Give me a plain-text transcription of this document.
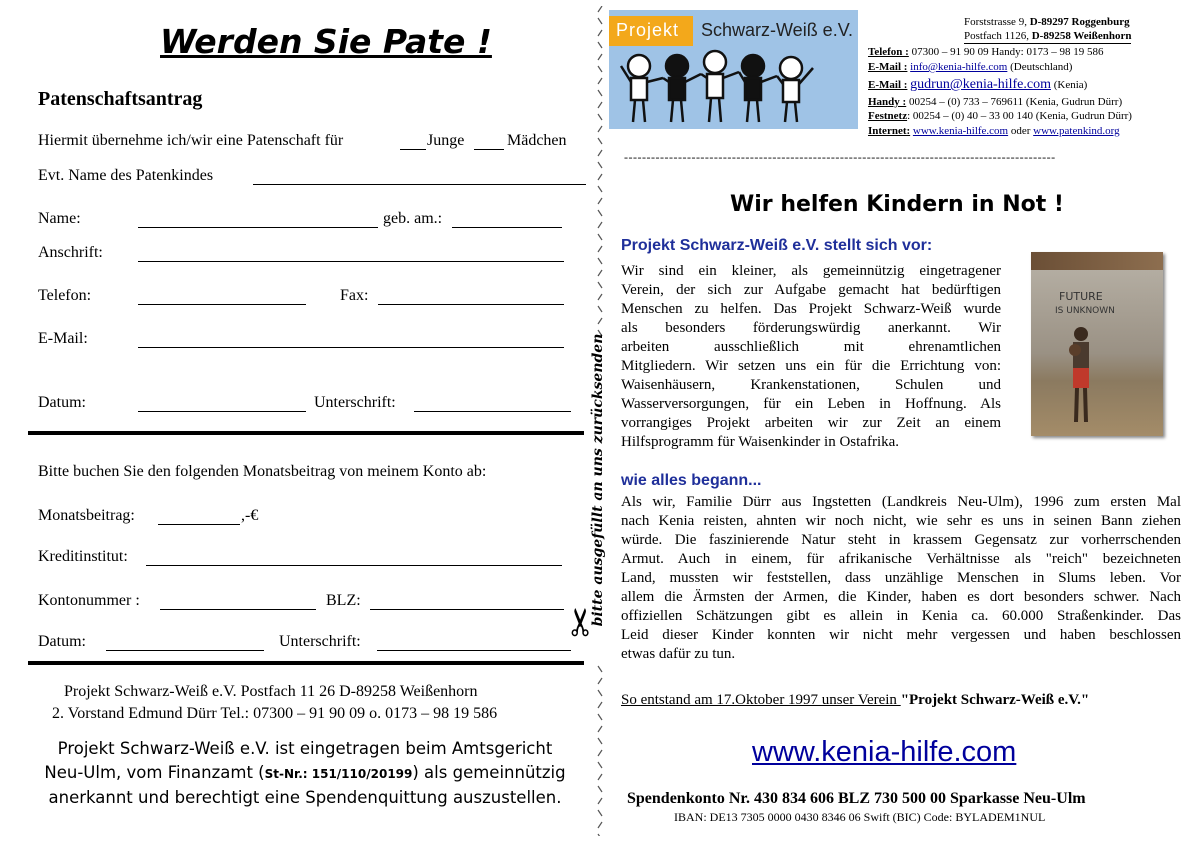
Werden Sie Pate !
Patenschaftsantrag
Hiermit übernehme ich/wir eine Patenschaft für	Junge	Mädchen
Evt. Name des Patenkindes
Name:	geb. am.:
Anschrift:
Telefon:	Fax:
E-Mail:
Datum:	Unterschrift:
Bitte buchen Sie den folgenden Monatsbeitrag von meinem Konto ab:
Monatsbeitrag:	,-€
Kreditinstitut:
Kontonummer :	BLZ:
Datum:	Unterschrift:
Projekt Schwarz-Weiß e.V. Postfach 11 26 D-89258 Weißenhorn
2. Vorstand Edmund Dürr Tel.: 07300 – 91 90 09 o. 0173 – 98 19 586
Projekt Schwarz-Weiß e.V. ist eingetragen beim Amtsgericht
Neu-Ulm, vom Finanzamt (St-Nr.: 151/110/20199) als gemeinnützig
anerkannt und berechtigt eine Spendenquittung auszustellen.
bitte ausgefüllt an uns zurücksenden
✂
Projekt Schwarz-Weiß e.V.	Forststrasse 9, D-89297 Roggenburg
Postfach 1126, D-89258 Weißenhorn
Telefon : 07300 – 91 90 09 Handy: 0173 – 98 19 586
E-Mail : info@kenia-hilfe.com (Deutschland)
E-Mail : gudrun@kenia-hilfe.com (Kenia)
Handy : 00254 – (0) 733 – 769611 (Kenia, Gudrun Dürr)
Festnetz: 00254 – (0) 40 – 33 00 140 (Kenia, Gudrun Dürr)
Internet: www.kenia-hilfe.com oder www.patenkind.org
------------------------------------------------------------------------------------------------
Wir helfen Kindern in Not !
Projekt Schwarz-Weiß e.V. stellt sich vor:
Wir sind ein kleiner, als gemeinnützig eingetragener
Verein, der sich zur Aufgabe gemacht hat bedürftigen
Menschen zu helfen. Das Projekt Schwarz-Weiß wurde
als besonders förderungswürdig anerkannt. Wir
arbeiten ausschließlich mit ehrenamtlichen
Mitgliedern. Wir setzen uns ein für die Errichtung von:
Waisenhäusern, Krankenstationen, Schulen und
Wasserversorgungen, für ein Leben in Hoffnung. Als
vorrangiges Projekt arbeiten wir zur Zeit an einem
Hilfsprogramm für Waisenkinder in Ostafrika.
FUTURE
IS UNKNOWN
wie alles begann...
Als wir, Familie Dürr aus Ingstetten (Landkreis Neu-Ulm), 1996 zum ersten Mal
nach Kenia reisten, ahnten wir noch nicht, wie sehr es uns in seinen Bann ziehen
würde. Die faszinierende Natur steht in krassem Gegensatz zur vorherrschenden
Armut. Auch in einem, für afrikanische Verhältnisse als "reich" bezeichneten
Land, mussten wir feststellen, dass unzählige Menschen in Slums leben. Vor
allem die Ärmsten der Armen, die Kinder, haben es dort besonders schwer. Nach
offiziellen Schätzungen gibt es allein in Kenia ca. 60.000 Straßenkinder. Das
Leid dieser Kinder konnten wir nicht mehr vergessen und haben beschlossen
etwas dafür zu tun.
So entstand am 17.Oktober 1997 unser Verein "Projekt Schwarz-Weiß e.V."
www.kenia-hilfe.com
Spendenkonto Nr. 430 834 606 BLZ 730 500 00 Sparkasse Neu-Ulm
IBAN: DE13 7305 0000 0430 8346 06 Swift (BIC) Code: BYLADEM1NUL
